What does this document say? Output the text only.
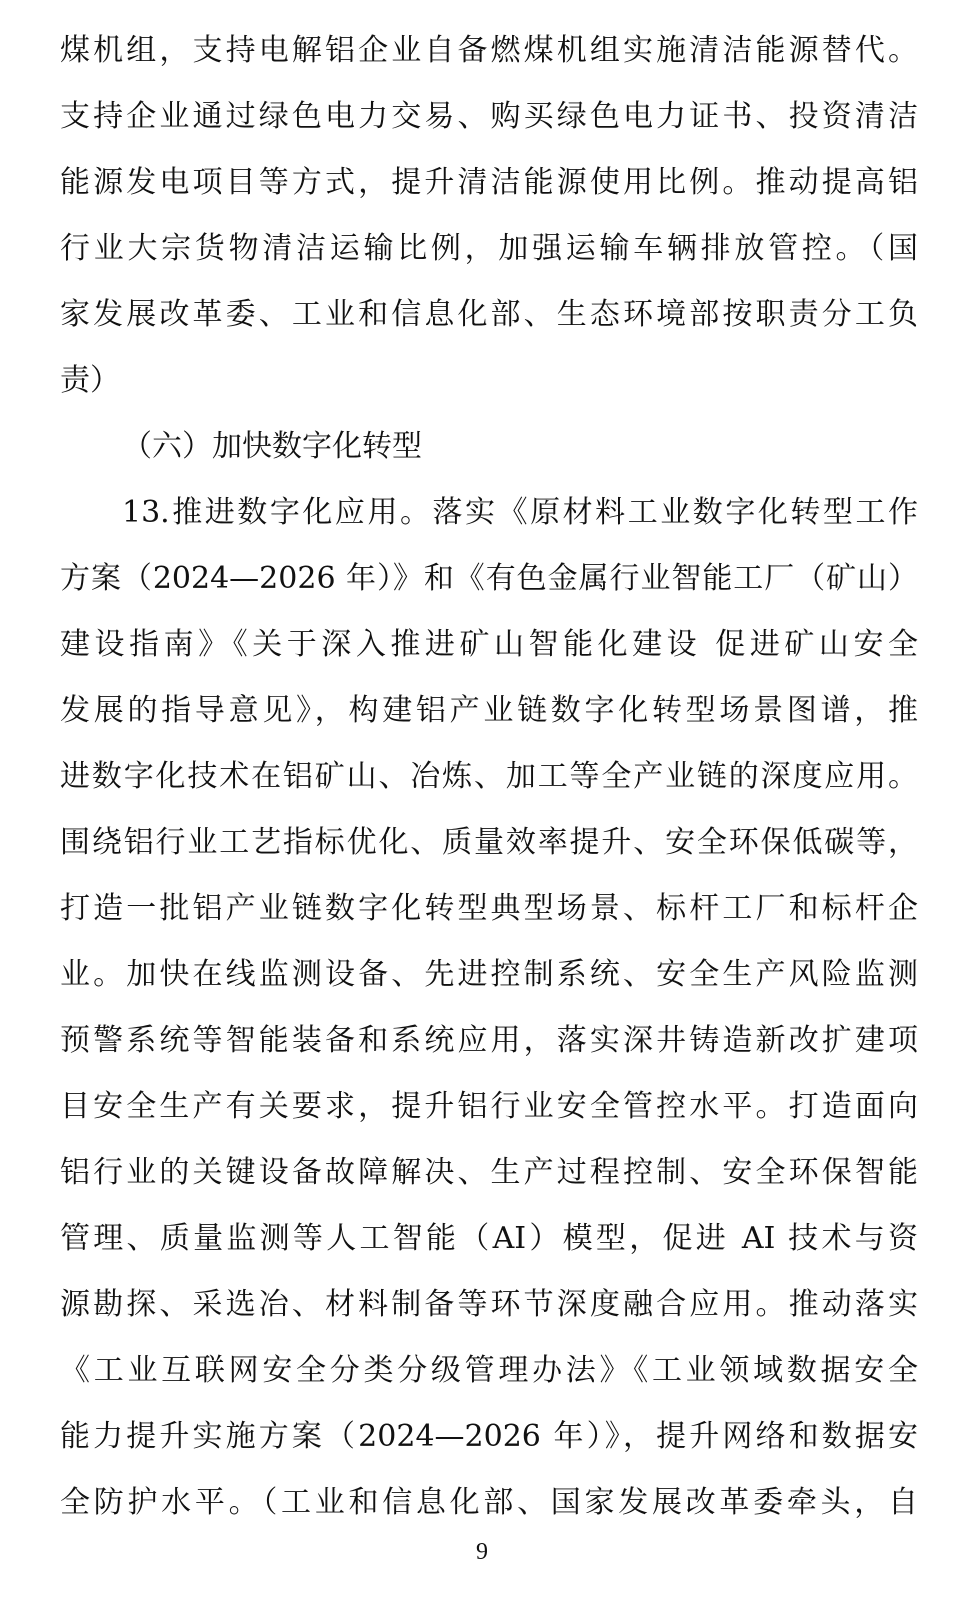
煤机组，支持电解铝企业自备燃煤机组实施清洁能源替代。
支持企业通过绿色电力交易、购买绿色电力证书、投资清洁
能源发电项目等方式，提升清洁能源使用比例。推动提高铝
行业大宗货物清洁运输比例，加强运输车辆排放管控。（国
家发展改革委、工业和信息化部、生态环境部按职责分工负
责）
（六）加快数字化转型
13.推进数字化应用。落实《原材料工业数字化转型工作
方案（2024—2026 年）》和《有色金属行业智能工厂（矿山）
建设指南》《关于深入推进矿山智能化建设 促进矿山安全
发展的指导意见》，构建铝产业链数字化转型场景图谱，推
进数字化技术在铝矿山、冶炼、加工等全产业链的深度应用。
围绕铝行业工艺指标优化、质量效率提升、安全环保低碳等，
打造一批铝产业链数字化转型典型场景、标杆工厂和标杆企
业。加快在线监测设备、先进控制系统、安全生产风险监测
预警系统等智能装备和系统应用，落实深井铸造新改扩建项
目安全生产有关要求，提升铝行业安全管控水平。打造面向
铝行业的关键设备故障解决、生产过程控制、安全环保智能
管理、质量监测等人工智能（AI）模型，促进 AI 技术与资
源勘探、采选冶、材料制备等环节深度融合应用。推动落实
《工业互联网安全分类分级管理办法》《工业领域数据安全
能力提升实施方案（2024—2026 年）》，提升网络和数据安
全防护水平。（工业和信息化部、国家发展改革委牵头，自
9
